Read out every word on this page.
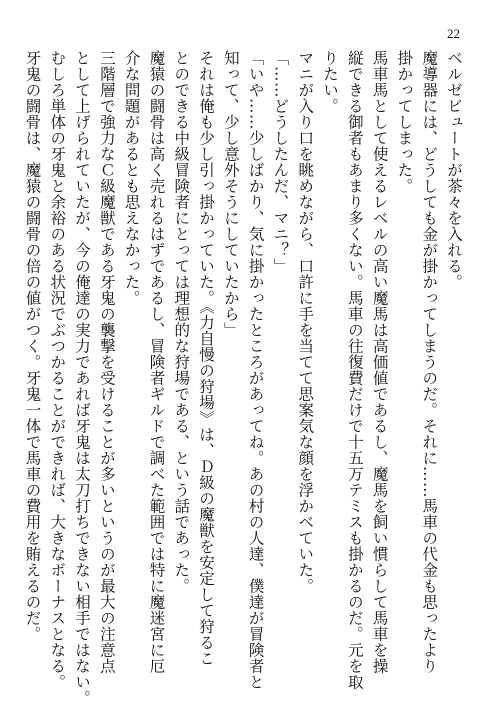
22
ベルゼビュートが茶々を入れる。
魔導器には、どうしても金が掛かってしまうのだ。それに……馬車の代金も思ったより
掛かってしまった。
馬車馬として使えるレベルの高い魔馬は高価値であるし、魔馬を飼い慣らして馬車を操
縦できる御者もあまり多くない。馬車の往復費だけで十五万テミスも掛かるのだ。元を取
りたい。
マニが入り口を眺めながら、口許に手を当てて思案気な顔を浮かべていた。
「……どうしたんだ、マニ？」
「いや……少しばかり、気に掛かったところがあってね。あの村の人達、僕達が冒険者と
知って、少し意外そうにしていたから」
それは俺も少し引っ掛かっていた。《力自慢の狩場》は、Ｄ級の魔獣を安定して狩るこ
とのできる中級冒険者にとっては理想的な狩場である、という話であった。
魔猿の闘骨は高く売れるはずであるし、冒険者ギルドで調べた範囲では特に魔迷宮に厄
介な問題があるとも思えなかった。
三階層で強力なＣ級魔獣である牙鬼の襲撃を受けることが多いというのが最大の注意点
として上げられていたが、今の俺達の実力であれば牙鬼は太刀打ちできない相手ではない。
むしろ単体の牙鬼と余裕のある状況でぶつかることができれば、大きなボーナスとなる。
牙鬼の闘骨は、魔猿の闘骨の倍の値がつく。牙鬼一体で馬車の費用を賄えるのだ。
